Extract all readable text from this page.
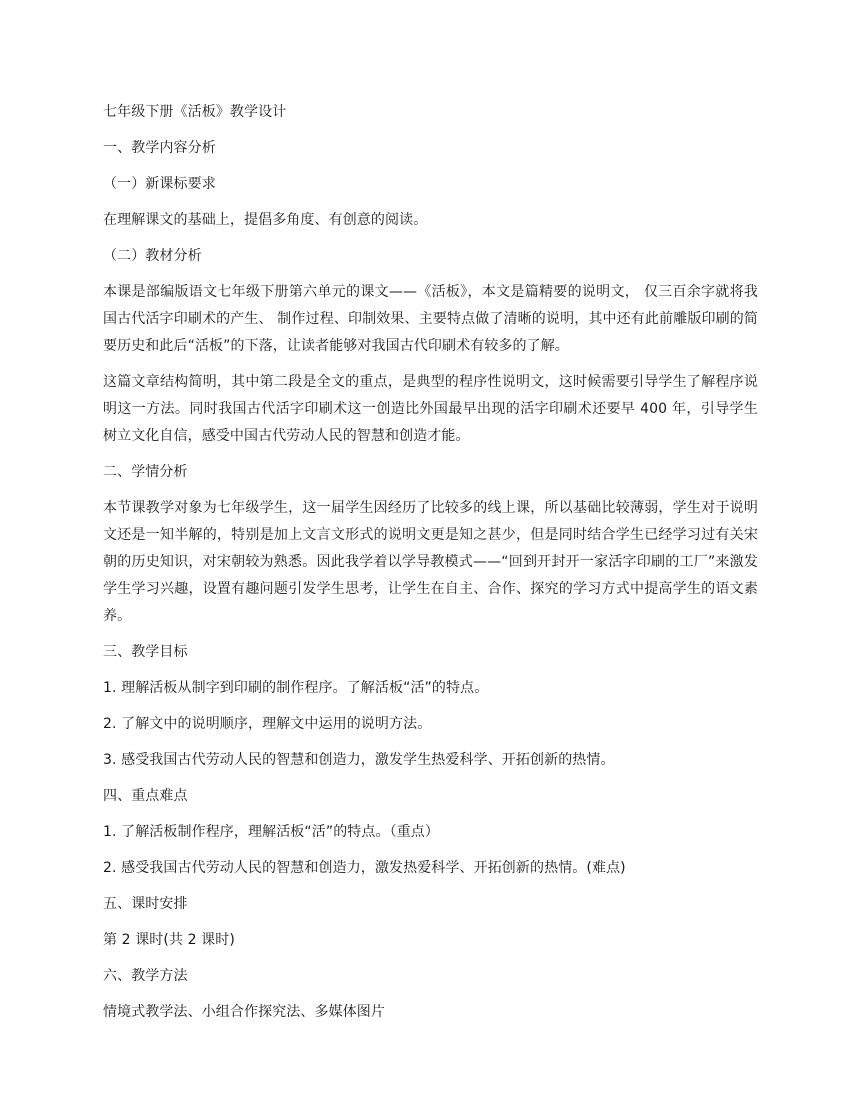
七年级下册《活板》教学设计

一、教学内容分析

（一）新课标要求

在理解课文的基础上，提倡多角度、有创意的阅读。

（二）教材分析

本课是部编版语文七年级下册第六单元的课文——《活板》，本文是篇精要的说明文， 仅三百余字就将我国古代活字印刷术的产生、 制作过程、印制效果、主要特点做了清晰的说明，其中还有此前雕版印刷的简要历史和此后“活板”的下落，让读者能够对我国古代印刷术有较多的了解。

这篇文章结构简明，其中第二段是全文的重点，是典型的程序性说明文，这时候需要引导学生了解程序说明这一方法。同时我国古代活字印刷术这一创造比外国最早出现的活字印刷术还要早 400 年，引导学生树立文化自信，感受中国古代劳动人民的智慧和创造才能。

二、学情分析

本节课教学对象为七年级学生，这一届学生因经历了比较多的线上课，所以基础比较薄弱，学生对于说明文还是一知半解的，特别是加上文言文形式的说明文更是知之甚少，但是同时结合学生已经学习过有关宋朝的历史知识，对宋朝较为熟悉。因此我学着以学导教模式——“回到开封开一家活字印刷的工厂”来激发学生学习兴趣，设置有趣问题引发学生思考，让学生在自主、合作、探究的学习方式中提高学生的语文素养。

三、教学目标

1. 理解活板从制字到印刷的制作程序。了解活板“活”的特点。

2. 了解文中的说明顺序，理解文中运用的说明方法。

3. 感受我国古代劳动人民的智慧和创造力，激发学生热爱科学、开拓创新的热情。

四、重点难点

1. 了解活板制作程序，理解活板“活”的特点。（重点）

2. 感受我国古代劳动人民的智慧和创造力，激发热爱科学、开拓创新的热情。(难点)

五、课时安排

第 2 课时(共 2 课时)

六、教学方法

情境式教学法、小组合作探究法、多媒体图片
